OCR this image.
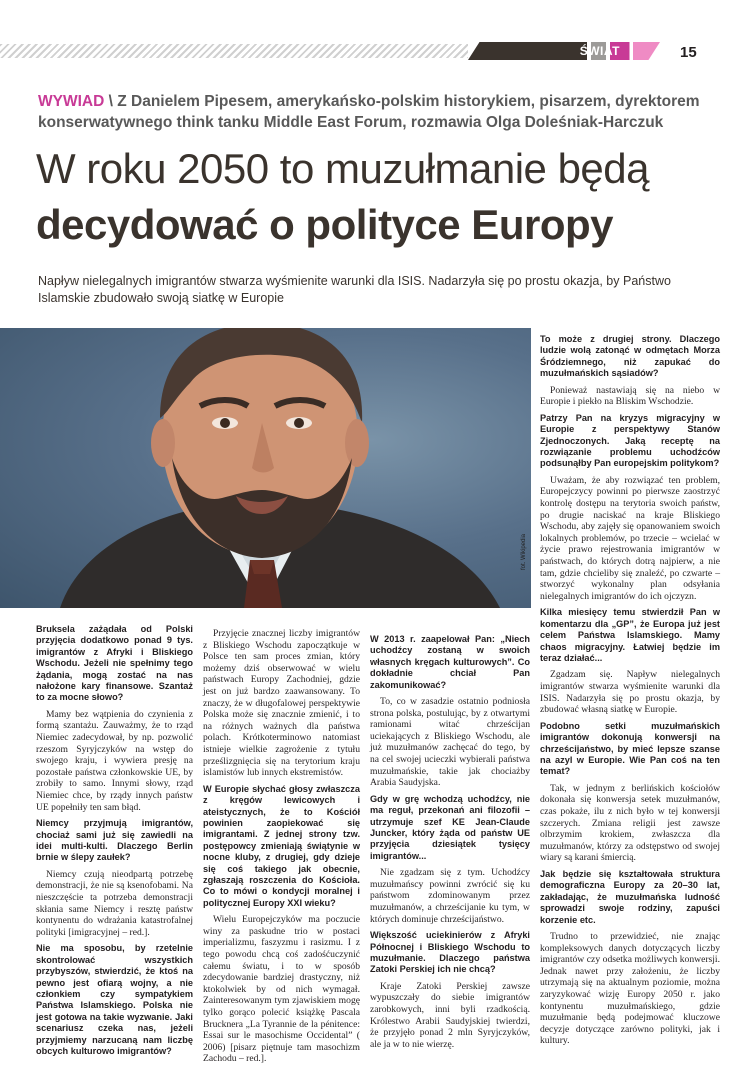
ŚWIAT	15
WYWIAD \ Z Danielem Pipesem, amerykańsko-polskim historykiem, pisarzem, dyrektorem konserwatywnego think tanku Middle East Forum, rozmawia Olga Doleśniak-Harczuk
W roku 2050 to muzułmanie będą
decydować o polityce Europy
Napływ nielegalnych imigrantów stwarza wyśmienite warunki dla ISIS. Nadarzyła się po prostu okazja, by Państwo Islamskie zbudowało swoją siatkę w Europie
fot. Wikipedia

Bruksela zażądała od Polski przyjęcia dodatkowo ponad 9 tys. imigrantów z Afryki i Bliskiego Wschodu. Jeżeli nie spełnimy tego żądania, mogą zostać na nas nałożone kary finansowe. Szantaż to za mocne słowo?

Mamy bez wątpienia do czynienia z formą szantażu. Zauważmy, że to rząd Niemiec zadecydował, by np. pozwolić rzeszom Syryjczyków na wstęp do swojego kraju, i wywiera presję na pozostałe państwa członkowskie UE, by zrobiły to samo. Innymi słowy, rząd Niemiec chce, by rządy innych państw UE popełniły ten sam błąd.

Niemcy przyjmują imigrantów, chociaż sami już się zawiedli na idei multi-kulti. Dlaczego Berlin brnie w ślepy zaułek?

Niemcy czują nieodpartą potrzebę demonstracji, że nie są ksenofobami. Na nieszczęście ta potrzeba demonstracji skłania same Niemcy i resztę państw kontynentu do wdrażania katastrofalnej polityki [imigracyjnej – red.].

Nie ma sposobu, by rzetelnie skontrolować wszystkich przybyszów, stwierdzić, że ktoś na pewno jest ofiarą wojny, a nie członkiem czy sympatykiem Państwa Islamskiego. Polska nie jest gotowa na takie wyzwanie. Jaki scenariusz czeka nas, jeżeli przyjmiemy narzucaną nam liczbę obcych kulturowo imigrantów?

Przyjęcie znacznej liczby imigrantów z Bliskiego Wschodu zapoczątkuje w Polsce ten sam proces zmian, który możemy dziś obserwować w wielu państwach Europy Zachodniej, gdzie jest on już bardzo zaawansowany. To znaczy, że w długofalowej perspektywie Polska może się znacznie zmienić, i to na różnych ważnych dla państwa polach. Krótkoterminowo natomiast istnieje wielkie zagrożenie z tytułu prześlizgnięcia się na terytorium kraju islamistów lub innych ekstremistów.

W Europie słychać głosy zwłaszcza z kręgów lewicowych i ateistycznych, że to Kościół powinien zaopiekować się imigrantami. Z jednej strony tzw. postępowcy zmieniają świątynie w nocne kluby, z drugiej, gdy dzieje się coś takiego jak obecnie, zgłaszają roszczenia do Kościoła. Co to mówi o kondycji moralnej i politycznej Europy XXI wieku?

Wielu Europejczyków ma poczucie winy za paskudne trio w postaci imperializmu, faszyzmu i rasizmu. I z tego powodu chcą coś zadośćuczynić całemu światu, i to w sposób zdecydowanie bardziej drastyczny, niż ktokolwiek by od nich wymagał. Zainteresowanym tym zjawiskiem mogę tylko gorąco polecić książkę Pascala Brucknera „La Tyrannie de la pénitence: Essai sur le masochisme Occidental” ( 2006) [pisarz piętnuje tam masochizm Zachodu – red.].

W 2013 r. zaapelował Pan: „Niech uchodźcy zostaną w swoich własnych kręgach kulturowych”. Co dokładnie chciał Pan zakomunikować?

To, co w zasadzie ostatnio podniosła strona polska, postulując, by z otwartymi ramionami witać chrześcijan uciekających z Bliskiego Wschodu, ale już muzułmanów zachęcać do tego, by na cel swojej ucieczki wybierali państwa muzułmańskie, takie jak chociażby Arabia Saudyjska.

Gdy w grę wchodzą uchodźcy, nie ma reguł, przekonań ani filozofii – utrzymuje szef KE Jean-Claude Juncker, który żąda od państw UE przyjęcia dziesiątek tysięcy imigrantów...

Nie zgadzam się z tym. Uchodźcy muzułmańscy powinni zwrócić się ku państwom zdominowanym przez muzułmanów, a chrześcijanie ku tym, w których dominuje chrześcijaństwo.

Większość uciekinierów z Afryki Północnej i Bliskiego Wschodu to muzułmanie. Dlaczego państwa Zatoki Perskiej ich nie chcą?

Kraje Zatoki Perskiej zawsze wypuszczały do siebie imigrantów zarobkowych, inni byli rzadkością. Królestwo Arabii Saudyjskiej twierdzi, że przyjęło ponad 2 mln Syryjczyków, ale ja w to nie wierzę.

To może z drugiej strony. Dlaczego ludzie wolą zatonąć w odmętach Morza Śródziemnego, niż zapukać do muzułmańskich sąsiadów?

Ponieważ nastawiają się na niebo w Europie i piekło na Bliskim Wschodzie.

Patrzy Pan na kryzys migracyjny w Europie z perspektywy Stanów Zjednoczonych. Jaką receptę na rozwiązanie problemu uchodźców podsunąłby Pan europejskim politykom?

Uważam, że aby rozwiązać ten problem, Europejczycy powinni po pierwsze zaostrzyć kontrolę dostępu na terytoria swoich państw, po drugie naciskać na kraje Bliskiego Wschodu, aby zajęły się opanowaniem swoich lokalnych problemów, po trzecie – wcielać w życie prawo rejestrowania imigrantów w państwach, do których dotrą najpierw, a nie tam, gdzie chcieliby się znaleźć, po czwarte – stworzyć wykonalny plan odsyłania nielegalnych imigrantów do ich ojczyzn.

Kilka miesięcy temu stwierdził Pan w komentarzu dla „GP”, że Europa już jest celem Państwa Islamskiego. Mamy chaos migracyjny. Łatwiej będzie im teraz działać...

Zgadzam się. Napływ nielegalnych imigrantów stwarza wyśmienite warunki dla ISIS. Nadarzyła się po prostu okazja, by zbudować własną siatkę w Europie.

Podobno setki muzułmańskich imigrantów dokonują konwersji na chrześcijaństwo, by mieć lepsze szanse na azyl w Europie. Wie Pan coś na ten temat?

Tak, w jednym z berlińskich kościołów dokonała się konwersja setek muzułmanów, czas pokaże, ilu z nich było w tej konwersji szczerych. Zmiana religii jest zawsze olbrzymim krokiem, zwłaszcza dla muzułmanów, którzy za odstępstwo od swojej wiary są karani śmiercią.

Jak będzie się kształtowała struktura demograficzna Europy za 20–30 lat, zakładając, że muzułmańska ludność sprowadzi swoje rodziny, zapuści korzenie etc.

Trudno to przewidzieć, nie znając kompleksowych danych dotyczących liczby imigrantów czy odsetka możliwych konwersji. Jednak nawet przy założeniu, że liczby utrzymają się na aktualnym poziomie, można zaryzykować wizję Europy 2050 r. jako kontynentu muzułmańskiego, gdzie muzułmanie będą podejmować kluczowe decyzje dotyczące zarówno polityki, jak i kultury.
